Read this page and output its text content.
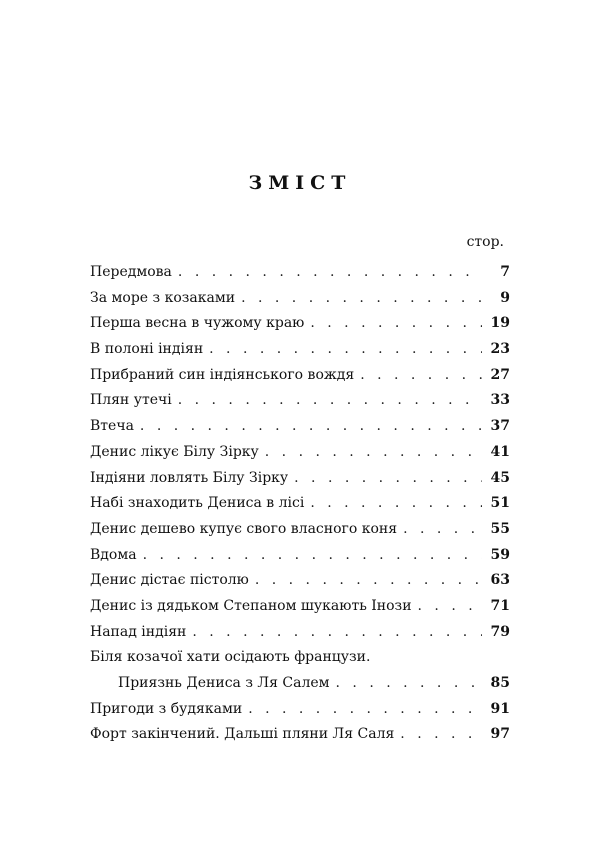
ЗМІСТ
стор.
Передмова . . .	7
За море з козаками . . .	9
Перша весна в чужому краю . . .	19
В полоні індіян . . .	23
Прибраний син індіянського вождя . . .	27
Плян утечі . . .	33
Втеча . . .	37
Денис лікує Білу Зірку . . .	41
Індіяни ловлять Білу Зірку . . .	45
Набі знаходить Дениса в лісі . . .	51
Денис дешево купує свого власного коня . . .	55
Вдома . . .	59
Денис дістає пістолю . . .	63
Денис із дядьком Степаном шукають Інози . . .	71
Напад індіян . . .	79
Біля козачої хати осідають французи.
Приязнь Дениса з Ля Салем . . .	85
Пригоди з будяками . . .	91
Форт закінчений. Дальші пляни Ля Саля . . .	97
